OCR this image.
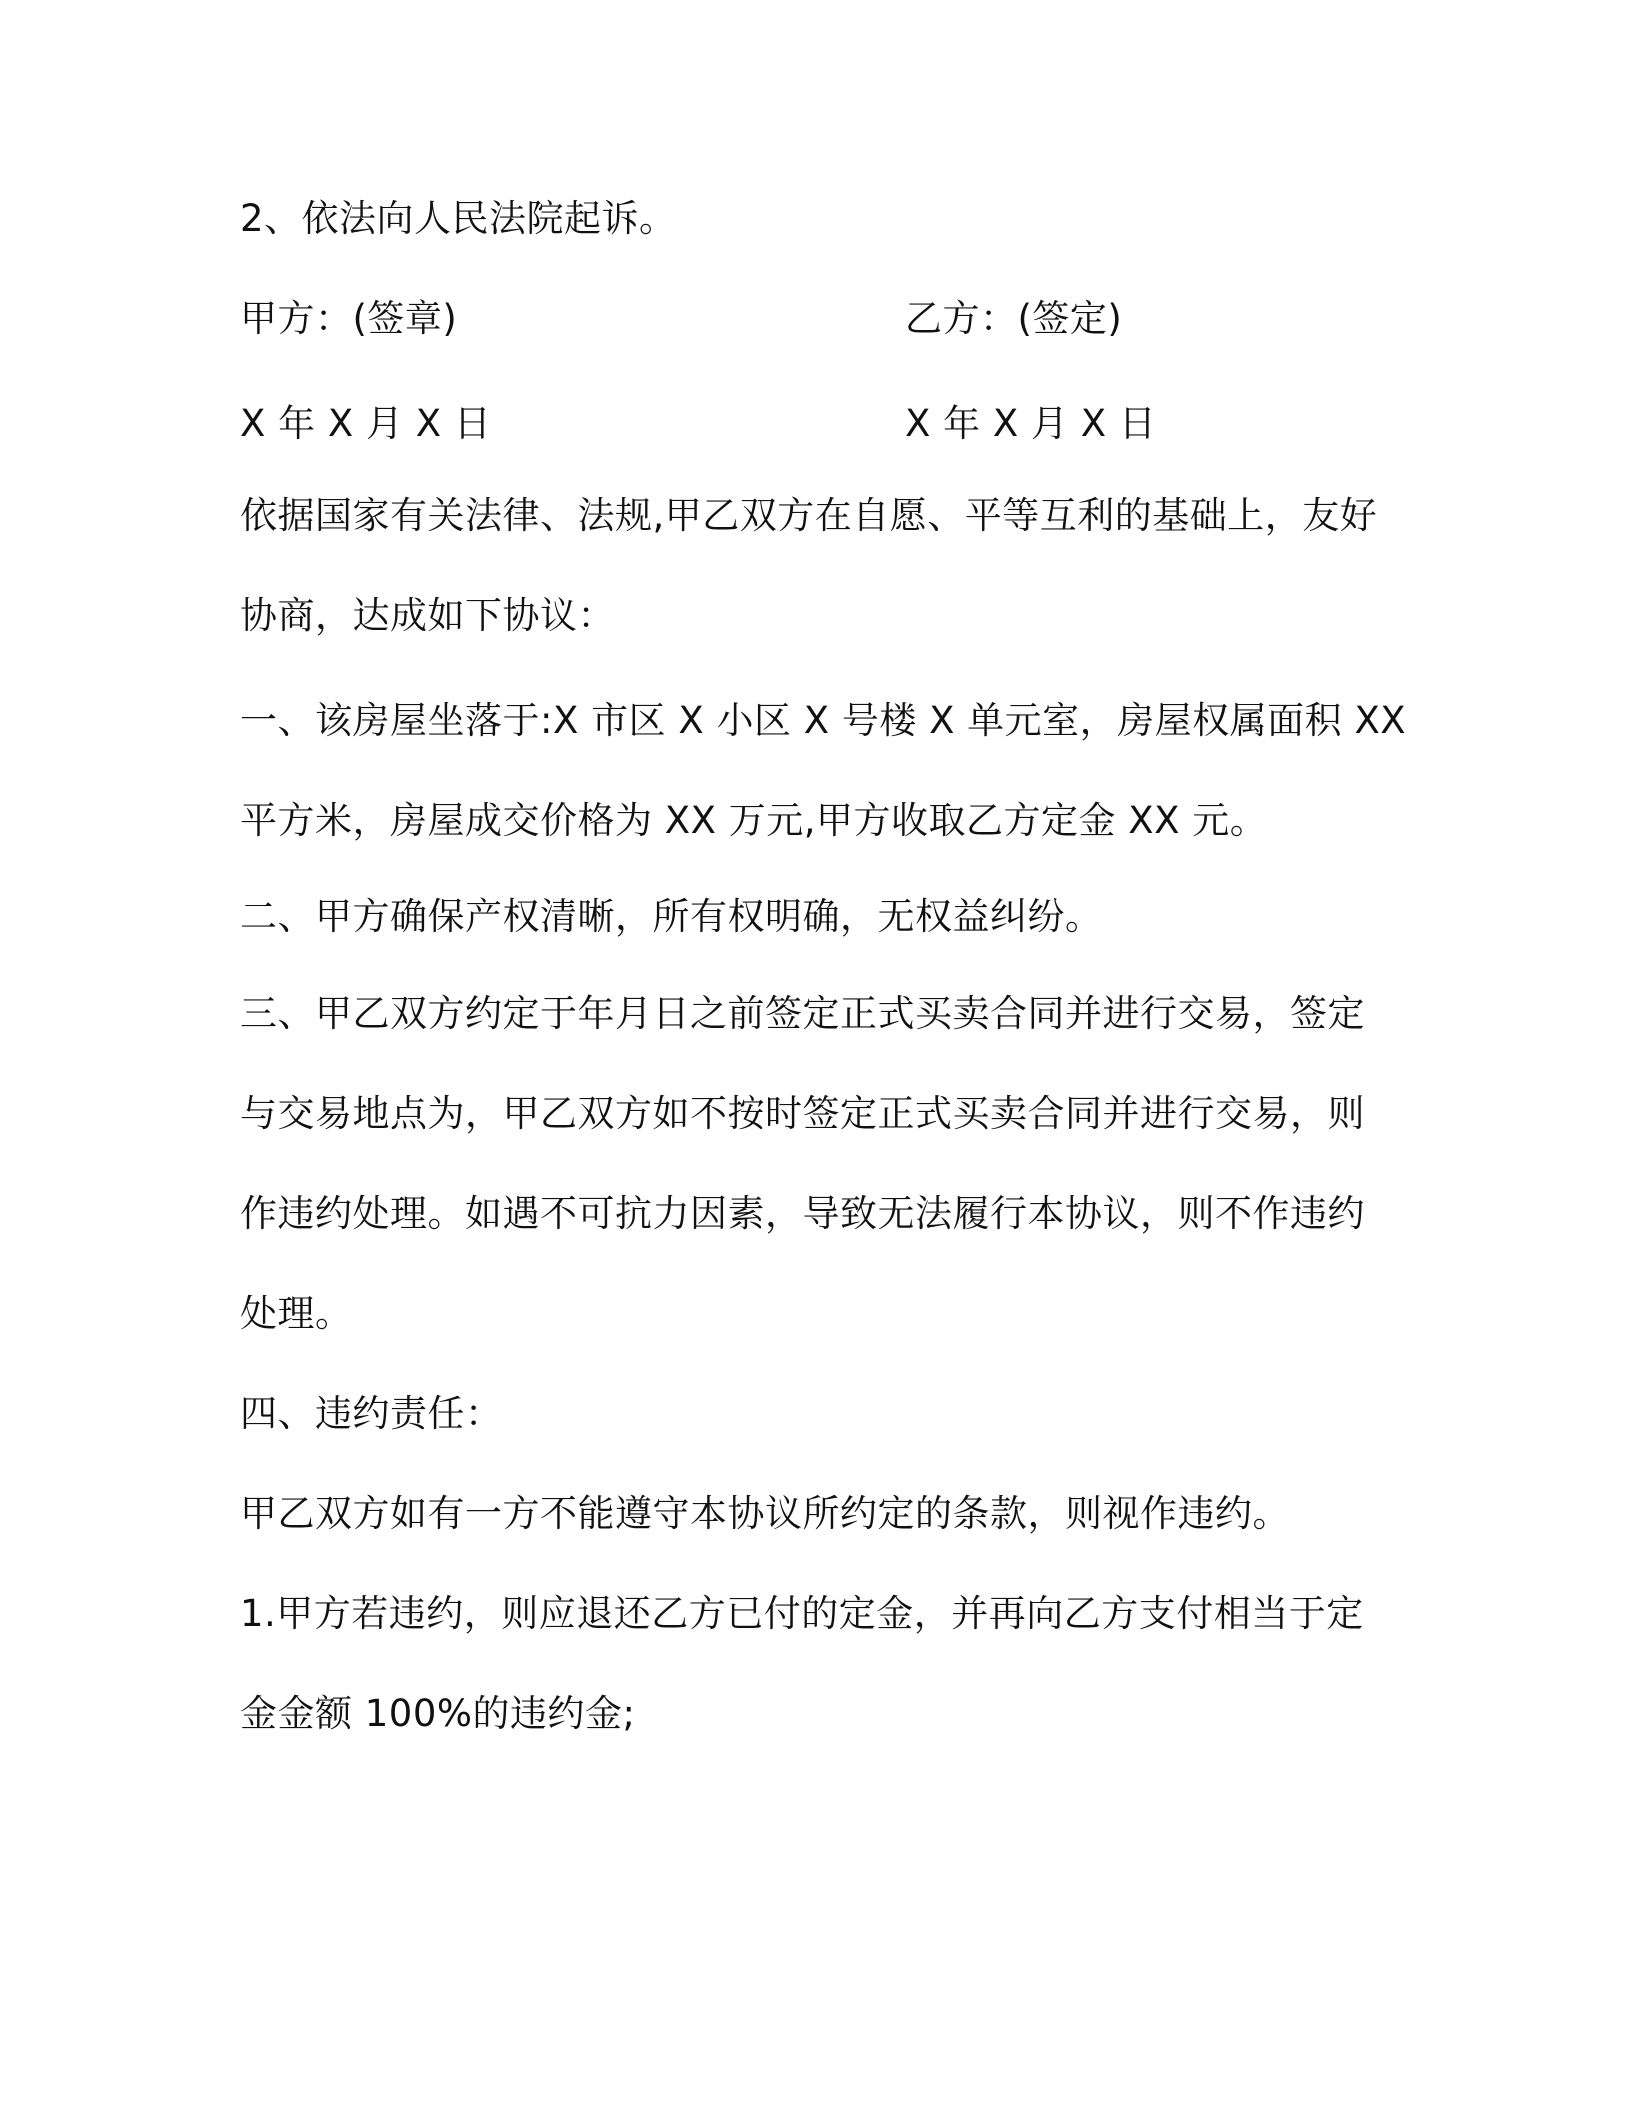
2、依法向人民法院起诉。
甲方：(签章)	乙方：(签定)
X 年 X 月 X 日	X 年 X 月 X 日
依据国家有关法律、法规,甲乙双方在自愿、平等互利的基础上，友好
协商，达成如下协议：
一、该房屋坐落于:X 市区 X 小区 X 号楼 X 单元室，房屋权属面积 XX
平方米，房屋成交价格为 XX 万元,甲方收取乙方定金 XX 元。
二、甲方确保产权清晰，所有权明确，无权益纠纷。
三、甲乙双方约定于年月日之前签定正式买卖合同并进行交易，签定
与交易地点为，甲乙双方如不按时签定正式买卖合同并进行交易，则
作违约处理。如遇不可抗力因素，导致无法履行本协议，则不作违约
处理。
四、违约责任：
甲乙双方如有一方不能遵守本协议所约定的条款，则视作违约。
1.甲方若违约，则应退还乙方已付的定金，并再向乙方支付相当于定
金金额 100%的违约金;
